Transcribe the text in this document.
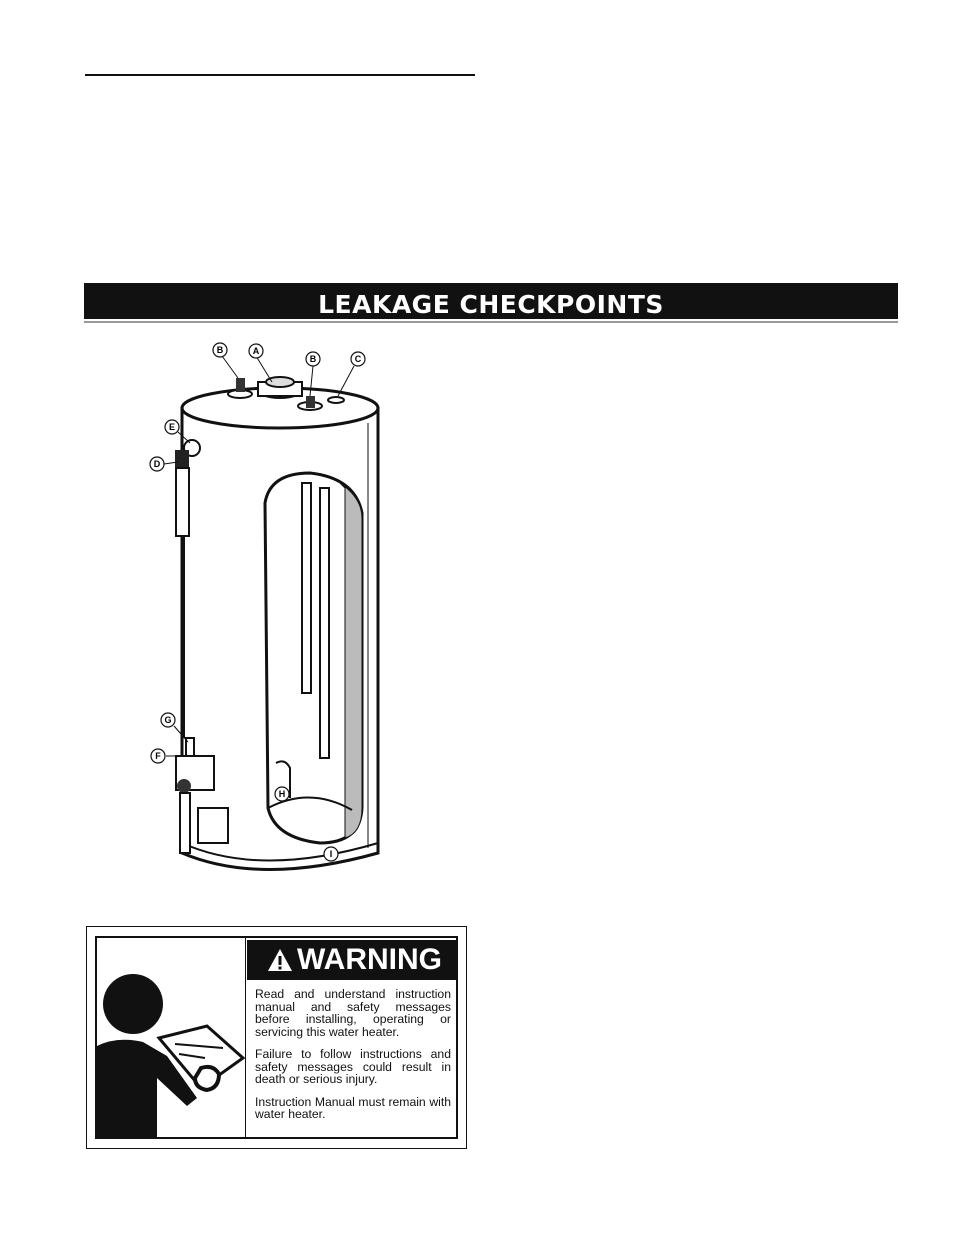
LEAKAGE CHECKPOINTS
B	A
B	C
E
D
G
F
H
I
WARNING

Read and understand instruction manual and safety messages before installing, operating or servicing this water heater.

Failure to follow instructions and safety messages could result in death or serious injury.

Instruction Manual must remain with water heater.
